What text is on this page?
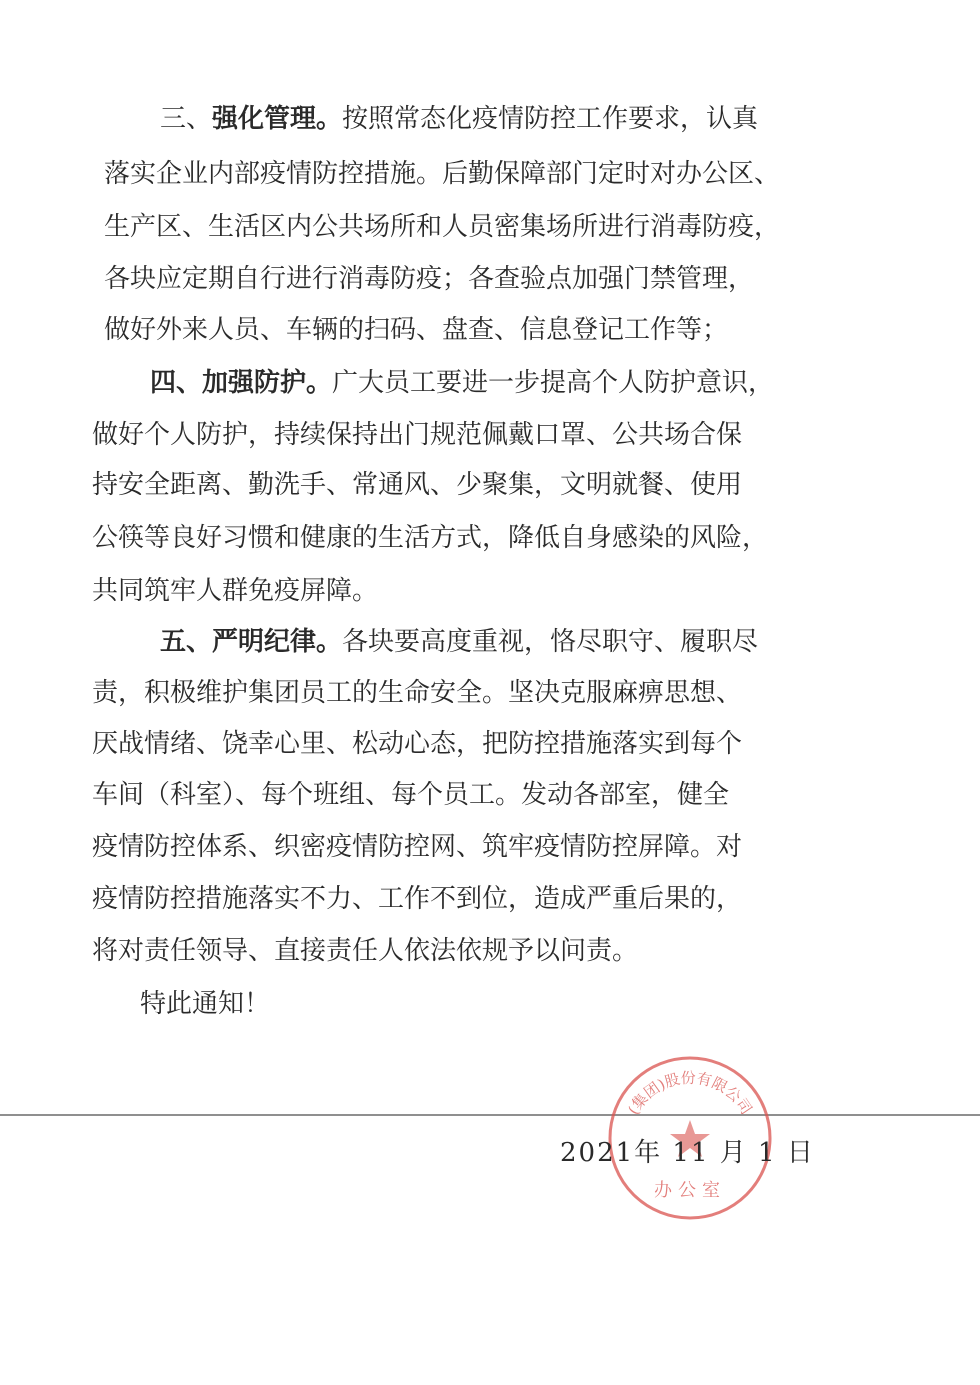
三、强化管理。按照常态化疫情防控工作要求，认真
落实企业内部疫情防控措施。后勤保障部门定时对办公区、
生产区、生活区内公共场所和人员密集场所进行消毒防疫，
各块应定期自行进行消毒防疫；各查验点加强门禁管理，
做好外来人员、车辆的扫码、盘查、信息登记工作等；
四、加强防护。广大员工要进一步提高个人防护意识，
做好个人防护，持续保持出门规范佩戴口罩、公共场合保
持安全距离、勤洗手、常通风、少聚集，文明就餐、使用
公筷等良好习惯和健康的生活方式，降低自身感染的风险，
共同筑牢人群免疫屏障。
五、严明纪律。各块要高度重视，恪尽职守、履职尽
责，积极维护集团员工的生命安全。坚决克服麻痹思想、
厌战情绪、饶幸心里、松动心态，把防控措施落实到每个
车间（科室）、每个班组、每个员工。发动各部室，健全
疫情防控体系、织密疫情防控网、筑牢疫情防控屏障。对
疫情防控措施落实不力、工作不到位，造成严重后果的，
将对责任领导、直接责任人依法依规予以问责。
特此通知！
(集团)股份有限公司
办公室
2021年 11 月 1 日
